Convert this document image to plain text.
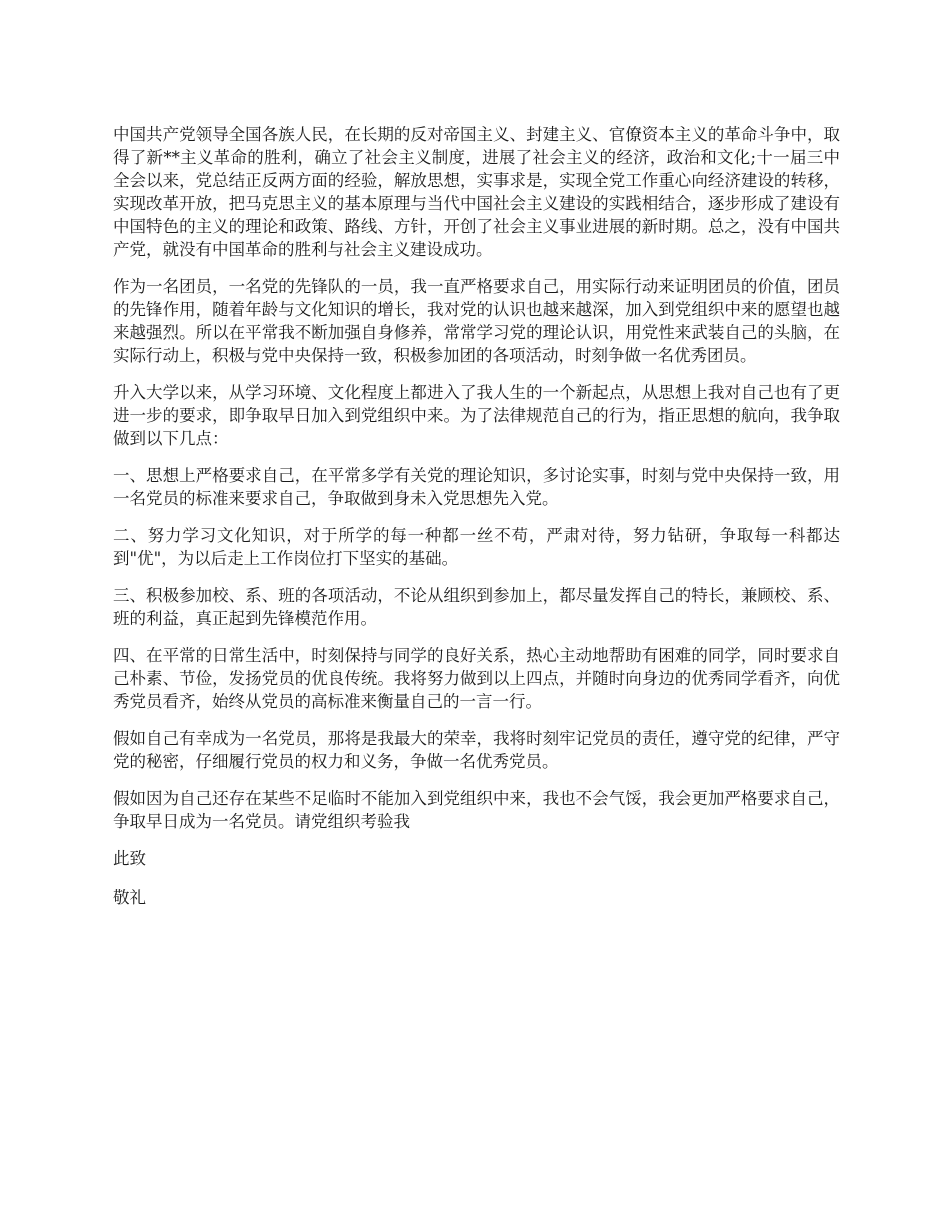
中国共产党领导全国各族人民，在长期的反对帝国主义、封建主义、官僚资本主义的革命斗争中，取得了新**主义革命的胜利，确立了社会主义制度，进展了社会主义的经济，政治和文化;十一届三中全会以来，党总结正反两方面的经验，解放思想，实事求是，实现全党工作重心向经济建设的转移，实现改革开放，把马克思主义的基本原理与当代中国社会主义建设的实践相结合，逐步形成了建设有中国特色的主义的理论和政策、路线、方针，开创了社会主义事业进展的新时期。总之，没有中国共产党，就没有中国革命的胜利与社会主义建设成功。

作为一名团员，一名党的先锋队的一员，我一直严格要求自己，用实际行动来证明团员的价值，团员的先锋作用，随着年龄与文化知识的增长，我对党的认识也越来越深，加入到党组织中来的愿望也越来越强烈。所以在平常我不断加强自身修养，常常学习党的理论认识，用党性来武装自己的头脑，在实际行动上，积极与党中央保持一致，积极参加团的各项活动，时刻争做一名优秀团员。

升入大学以来，从学习环境、文化程度上都进入了我人生的一个新起点，从思想上我对自己也有了更进一步的要求，即争取早日加入到党组织中来。为了法律规范自己的行为，指正思想的航向，我争取做到以下几点：

一、思想上严格要求自己，在平常多学有关党的理论知识，多讨论实事，时刻与党中央保持一致，用一名党员的标准来要求自己，争取做到身未入党思想先入党。

二、努力学习文化知识，对于所学的每一种都一丝不苟，严肃对待，努力钻研，争取每一科都达到"优"，为以后走上工作岗位打下坚实的基础。

三、积极参加校、系、班的各项活动，不论从组织到参加上，都尽量发挥自己的特长，兼顾校、系、班的利益，真正起到先锋模范作用。

四、在平常的日常生活中，时刻保持与同学的良好关系，热心主动地帮助有困难的同学，同时要求自己朴素、节俭，发扬党员的优良传统。我将努力做到以上四点，并随时向身边的优秀同学看齐，向优秀党员看齐，始终从党员的高标准来衡量自己的一言一行。

假如自己有幸成为一名党员，那将是我最大的荣幸，我将时刻牢记党员的责任，遵守党的纪律，严守党的秘密，仔细履行党员的权力和义务，争做一名优秀党员。

假如因为自己还存在某些不足临时不能加入到党组织中来，我也不会气馁，我会更加严格要求自己，争取早日成为一名党员。请党组织考验我

此致

敬礼
